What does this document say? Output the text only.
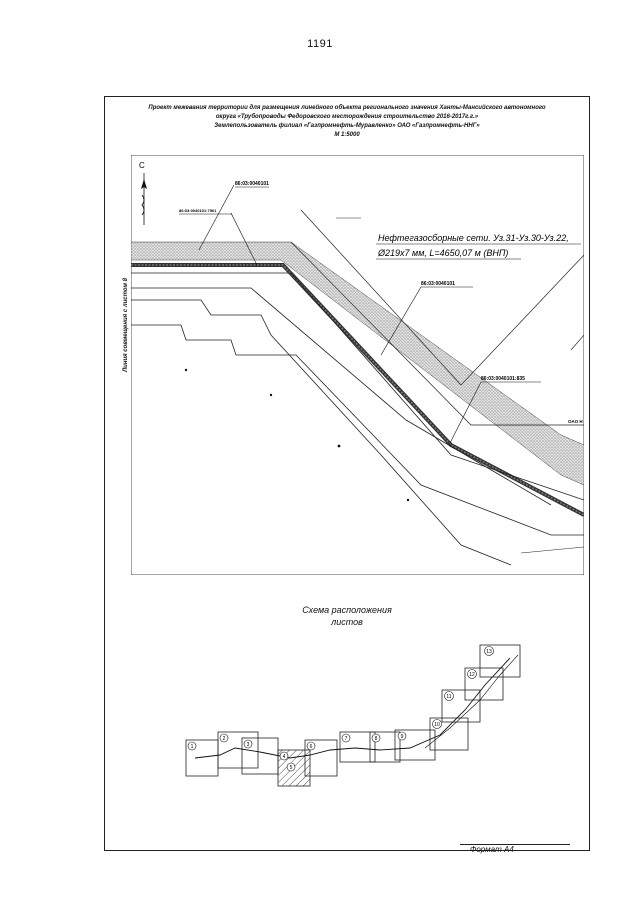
1191
Проект межевания территории для размещения линейного объекта регионального значения Ханты-Мансийского автономного
округа «Трубопроводы Федоровского месторождения строительство 2016-2017г.г.»
Землепользователь филиал «Газпромнефть-Муравленко» ОАО «Газпромнефть-ННГ»
М 1:5000
Линия совмещения с листом 8
С
86:03:0040101
86:03:0040101:7561
86:03:0040101
86:03:0040101:835
ОАО Н
Нефтегазосборные сети. Уз.31-Уз.30-Уз.22,
Ø219х7 мм, L=4650,07 м (ВНП)
Схема расположения
листов
1
2
3
4
5
6
7	8	9
10
11
12
13
Формат А4
